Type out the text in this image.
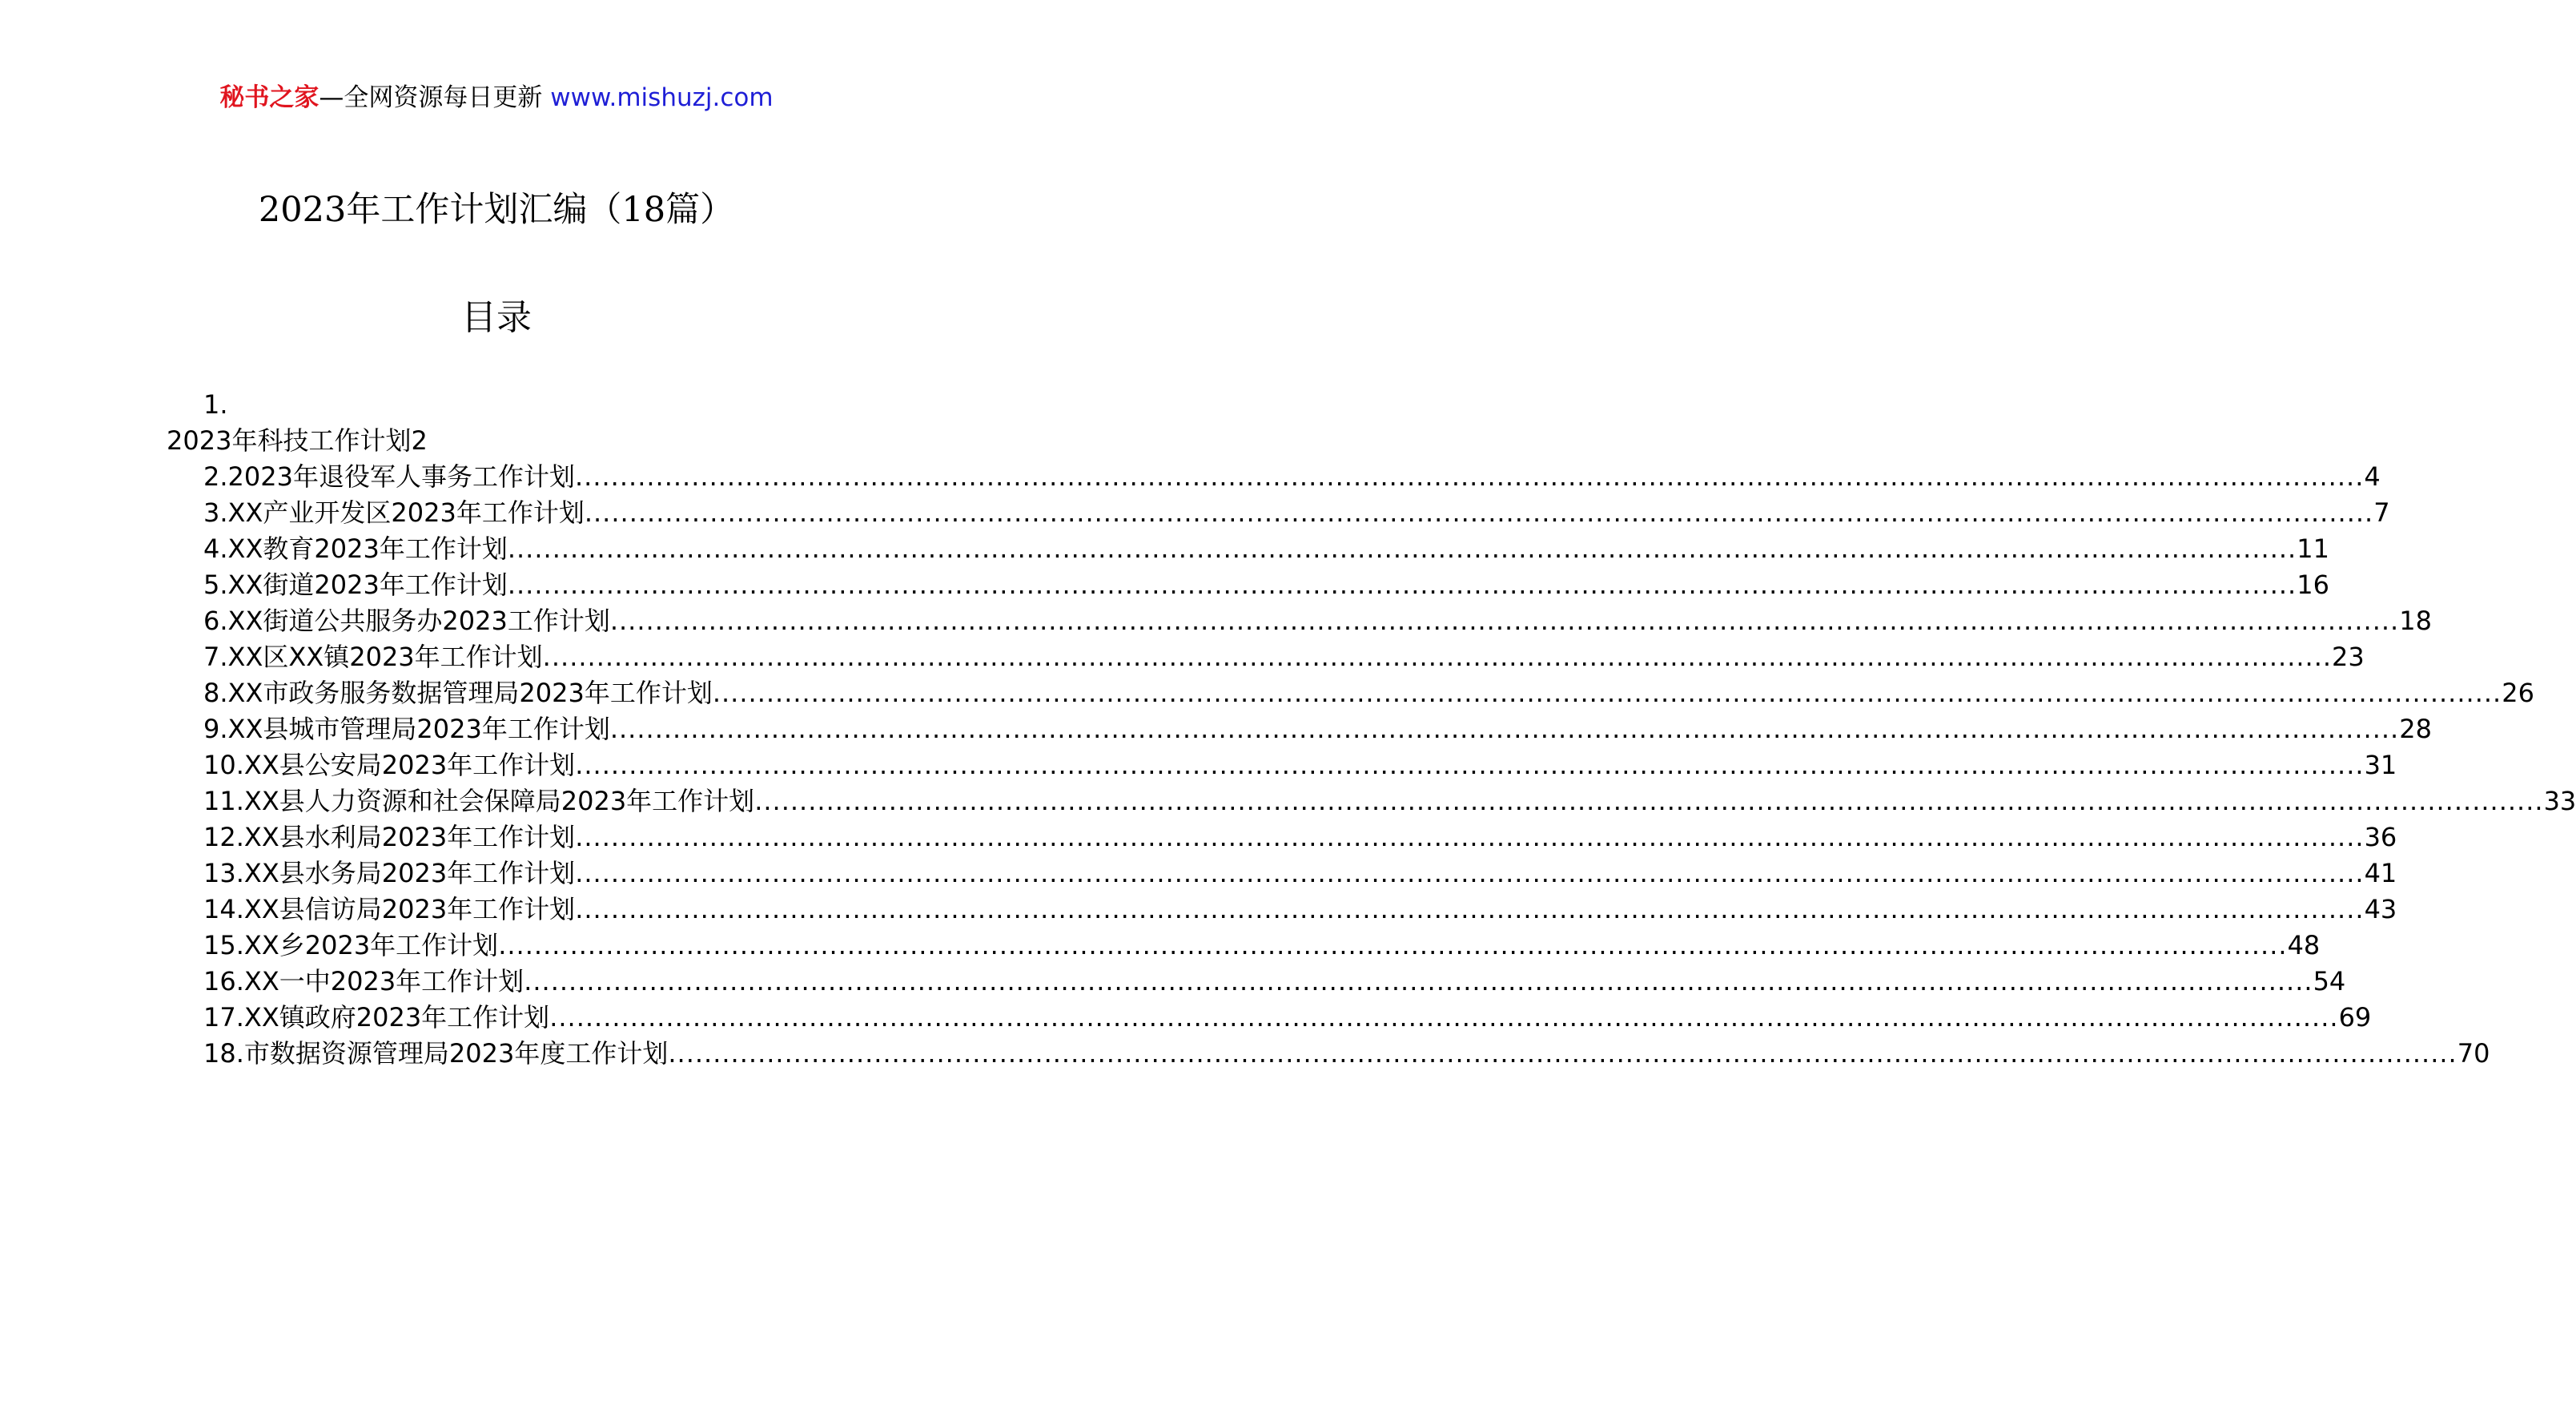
秘书之家—全网资源每日更新 www.mishuzj.com
2023年工作计划汇编（18篇）
目录
1.
2023年科技工作计划2
2.2023年退役军人事务工作计划 ........................................................................................................................................................................................................ 4
3.XX产业开发区2023年工作计划 ........................................................................................................................................................................................................ 7
4.XX教育2023年工作计划 ........................................................................................................................................................................................................ 11
5.XX街道2023年工作计划 ........................................................................................................................................................................................................ 16
6.XX街道公共服务办2023工作计划 ........................................................................................................................................................................................................ 18
7.XX区XX镇2023年工作计划 ........................................................................................................................................................................................................ 23
8.XX市政务服务数据管理局2023年工作计划 ........................................................................................................................................................................................................ 26
9.XX县城市管理局2023年工作计划 ........................................................................................................................................................................................................ 28
10.XX县公安局2023年工作计划 ........................................................................................................................................................................................................ 31
11.XX县人力资源和社会保障局2023年工作计划 ........................................................................................................................................................................................................ 33
12.XX县水利局2023年工作计划 ........................................................................................................................................................................................................ 36
13.XX县水务局2023年工作计划 ........................................................................................................................................................................................................ 41
14.XX县信访局2023年工作计划 ........................................................................................................................................................................................................ 43
15.XX乡2023年工作计划 ........................................................................................................................................................................................................ 48
16.XX一中2023年工作计划 ........................................................................................................................................................................................................ 54
17.XX镇政府2023年工作计划 ........................................................................................................................................................................................................ 69
18.市数据资源管理局2023年度工作计划 ........................................................................................................................................................................................................ 70
